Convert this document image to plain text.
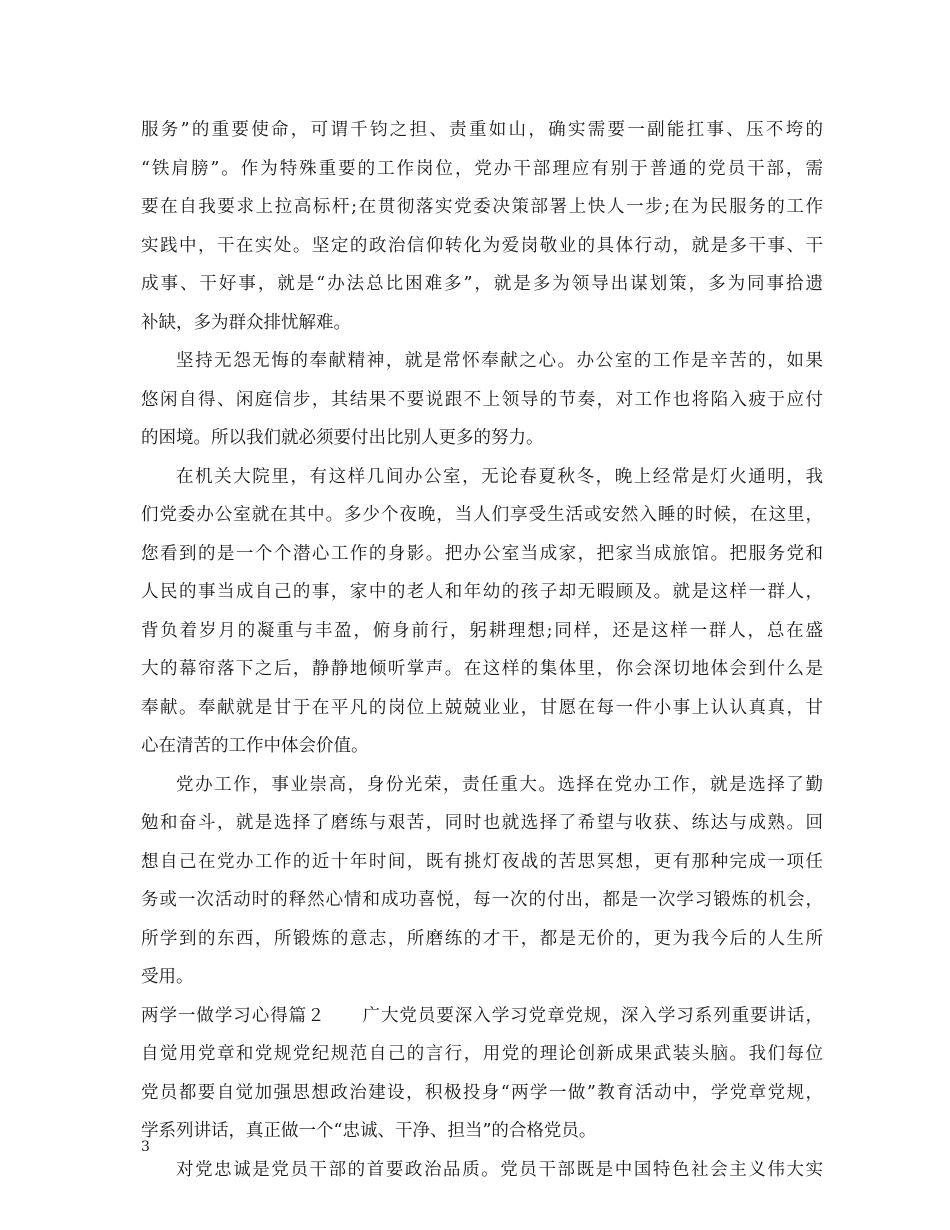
服务”的重要使命，可谓千钧之担、责重如山，确实需要一副能扛事、压不垮的
“铁肩膀”。作为特殊重要的工作岗位，党办干部理应有别于普通的党员干部，需
要在自我要求上拉高标杆;在贯彻落实党委决策部署上快人一步;在为民服务的工作
实践中，干在实处。坚定的政治信仰转化为爱岗敬业的具体行动，就是多干事、干
成事、干好事，就是“办法总比困难多”，就是多为领导出谋划策，多为同事拾遗
补缺，多为群众排忧解难。
坚持无怨无悔的奉献精神，就是常怀奉献之心。办公室的工作是辛苦的，如果
悠闲自得、闲庭信步，其结果不要说跟不上领导的节奏，对工作也将陷入疲于应付
的困境。所以我们就必须要付出比别人更多的努力。
在机关大院里，有这样几间办公室，无论春夏秋冬，晚上经常是灯火通明，我
们党委办公室就在其中。多少个夜晚，当人们享受生活或安然入睡的时候，在这里，
您看到的是一个个潜心工作的身影。把办公室当成家，把家当成旅馆。把服务党和
人民的事当成自己的事，家中的老人和年幼的孩子却无暇顾及。就是这样一群人，
背负着岁月的凝重与丰盈，俯身前行，躬耕理想;同样，还是这样一群人，总在盛
大的幕帘落下之后，静静地倾听掌声。在这样的集体里，你会深切地体会到什么是
奉献。奉献就是甘于在平凡的岗位上兢兢业业，甘愿在每一件小事上认认真真，甘
心在清苦的工作中体会价值。
党办工作，事业崇高，身份光荣，责任重大。选择在党办工作，就是选择了勤
勉和奋斗，就是选择了磨练与艰苦，同时也就选择了希望与收获、练达与成熟。回
想自己在党办工作的近十年时间，既有挑灯夜战的苦思冥想，更有那种完成一项任
务或一次活动时的释然心情和成功喜悦，每一次的付出，都是一次学习锻炼的机会，
所学到的东西，所锻炼的意志，所磨练的才干，都是无价的，更为我今后的人生所
受用。
两学一做学习心得篇２　　广大党员要深入学习党章党规，深入学习系列重要讲话，
自觉用党章和党规党纪规范自己的言行，用党的理论创新成果武装头脑。我们每位
党员都要自觉加强思想政治建设，积极投身“两学一做”教育活动中，学党章党规，
学系列讲话，真正做一个“忠诚、干净、担当”的合格党员。
对党忠诚是党员干部的首要政治品质。党员干部既是中国特色社会主义伟大实
3
